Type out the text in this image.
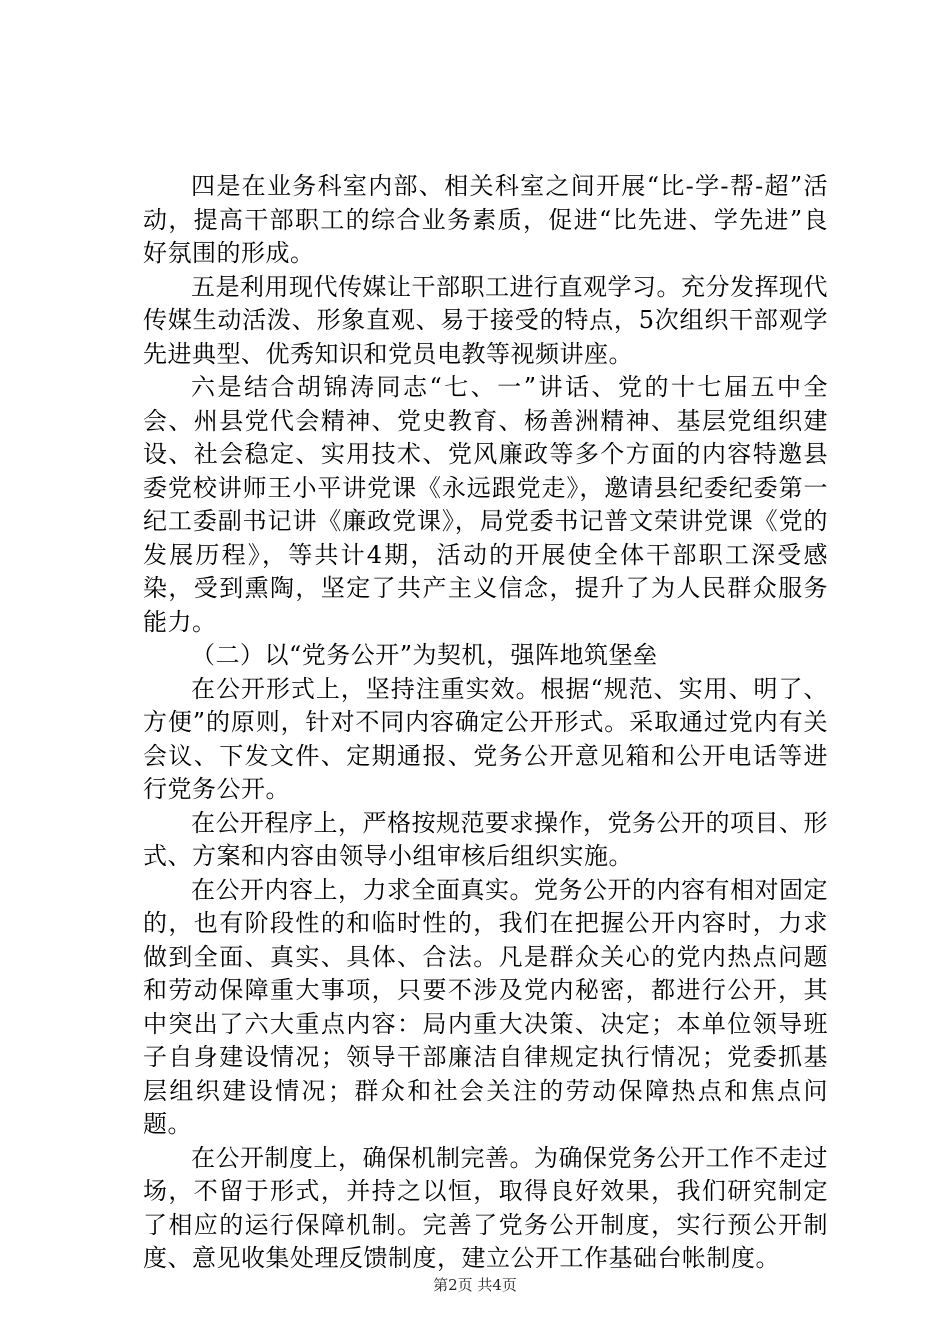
四是在业务科室内部、相关科室之间开展“比-学-帮-超”活动，提高干部职工的综合业务素质，促进“比先进、学先进”良好氛围的形成。

五是利用现代传媒让干部职工进行直观学习。充分发挥现代传媒生动活泼、形象直观、易于接受的特点，5次组织干部观学先进典型、优秀知识和党员电教等视频讲座。

六是结合胡锦涛同志“七、一”讲话、党的十七届五中全会、州县党代会精神、党史教育、杨善洲精神、基层党组织建设、社会稳定、实用技术、党风廉政等多个方面的内容特邀县委党校讲师王小平讲党课《永远跟党走》，邀请县纪委纪委第一纪工委副书记讲《廉政党课》，局党委书记普文荣讲党课《党的发展历程》，等共计4期，活动的开展使全体干部职工深受感染，受到熏陶，坚定了共产主义信念，提升了为人民群众服务能力。

（二）以“党务公开”为契机，强阵地筑堡垒

在公开形式上，坚持注重实效。根据“规范、实用、明了、方便”的原则，针对不同内容确定公开形式。采取通过党内有关会议、下发文件、定期通报、党务公开意见箱和公开电话等进行党务公开。

在公开程序上，严格按规范要求操作，党务公开的项目、形式、方案和内容由领导小组审核后组织实施。

在公开内容上，力求全面真实。党务公开的内容有相对固定的，也有阶段性的和临时性的，我们在把握公开内容时，力求做到全面、真实、具体、合法。凡是群众关心的党内热点问题和劳动保障重大事项，只要不涉及党内秘密，都进行公开，其中突出了六大重点内容：局内重大决策、决定；本单位领导班子自身建设情况；领导干部廉洁自律规定执行情况；党委抓基层组织建设情况；群众和社会关注的劳动保障热点和焦点问题。

在公开制度上，确保机制完善。为确保党务公开工作不走过场，不留于形式，并持之以恒，取得良好效果，我们研究制定了相应的运行保障机制。完善了党务公开制度，实行预公开制度、意见收集处理反馈制度，建立公开工作基础台帐制度。

第2页 共4页
